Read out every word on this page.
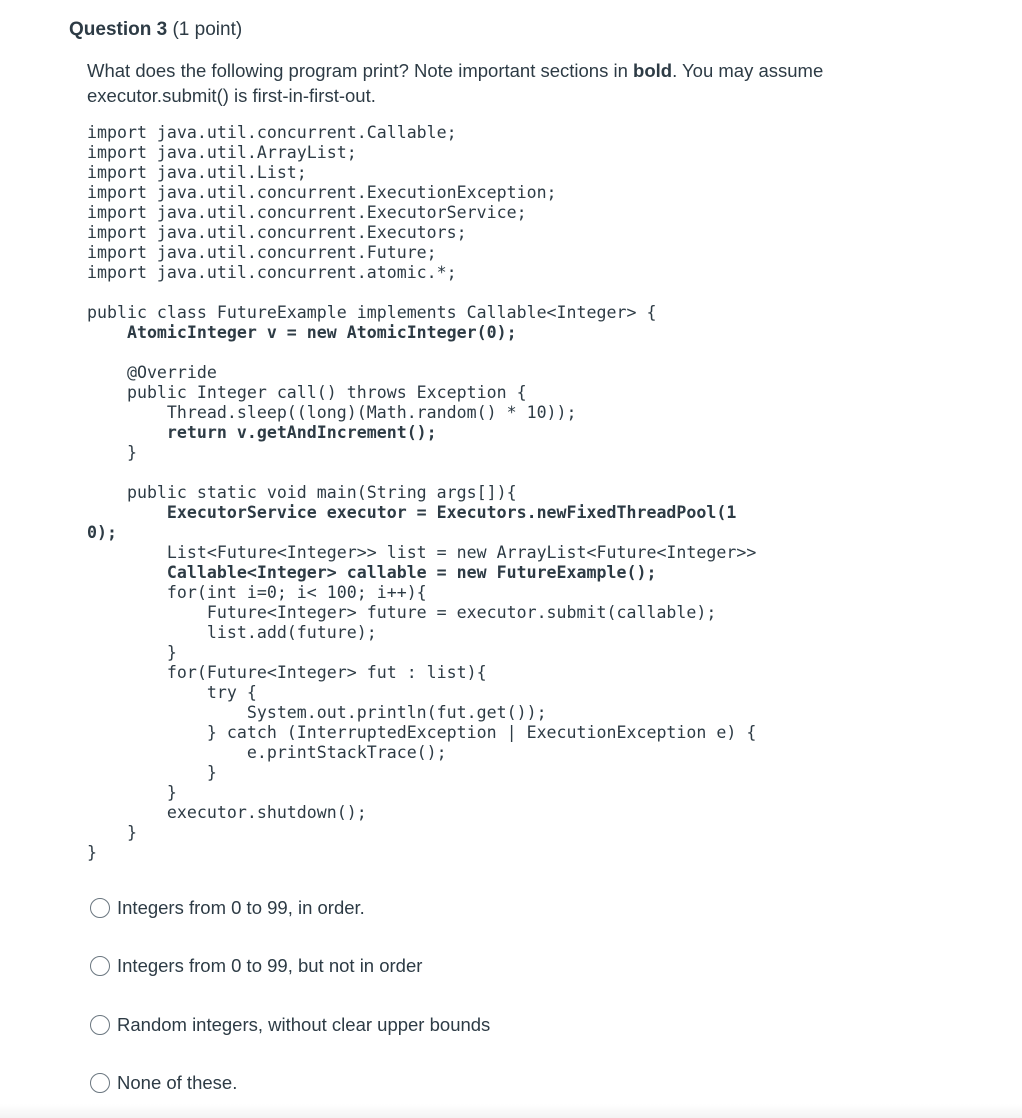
Question 3 (1 point)
What does the following program print? Note important sections in bold. You may assume executor.submit() is first-in-first-out.
import java.util.concurrent.Callable;
import java.util.ArrayList;
import java.util.List;
import java.util.concurrent.ExecutionException;
import java.util.concurrent.ExecutorService;
import java.util.concurrent.Executors;
import java.util.concurrent.Future;
import java.util.concurrent.atomic.*;
public class FutureExample implements Callable<Integer> {
AtomicInteger v = new AtomicInteger(0);
@Override
public Integer call() throws Exception {
Thread.sleep((long)(Math.random() * 10));
return v.getAndIncrement();
}
public static void main(String args[]){
ExecutorService executor = Executors.newFixedThreadPool(1
0);
List<Future<Integer>> list = new ArrayList<Future<Integer>>
Callable<Integer> callable = new FutureExample();
for(int i=0; i< 100; i++){
Future<Integer> future = executor.submit(callable);
list.add(future);
}
for(Future<Integer> fut : list){
try {
System.out.println(fut.get());
} catch (InterruptedException | ExecutionException e) {
e.printStackTrace();
}
}
executor.shutdown();
}
}
Integers from 0 to 99, in order.
Integers from 0 to 99, but not in order
Random integers, without clear upper bounds
None of these.
